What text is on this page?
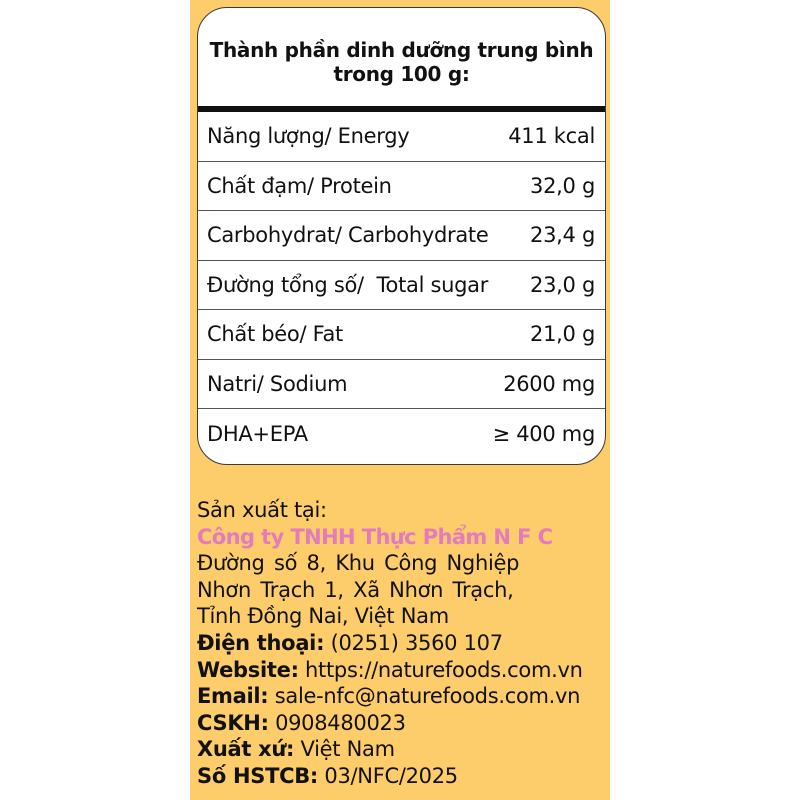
Thành phần dinh dưỡng trung bình
trong 100 g:
Năng lượng/ Energy	411 kcal
Chất đạm/ Protein	32,0 g
Carbohydrat/ Carbohydrate 23,4 g
Đường tổng số/  Total sugar 23,0 g
Chất béo/ Fat	21,0 g
Natri/ Sodium	2600 mg
DHA+EPA	≥ 400 mg
Sản xuất tại:
Công ty TNHH Thực Phẩm N F C
Đường số 8, Khu Công Nghiệp
Nhơn Trạch 1, Xã Nhơn Trạch,
Tỉnh Đồng Nai, Việt Nam
Điện thoại: (0251) 3560 107
Website: https://naturefoods.com.vn
Email: sale-nfc@naturefoods.com.vn
CSKH: 0908480023
Xuất xứ: Việt Nam
Số HSTCB: 03/NFC/2025
